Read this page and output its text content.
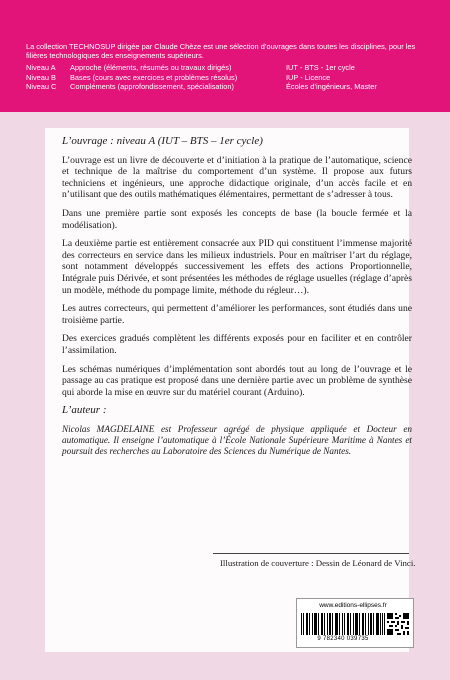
La collection TECHNOSUP dirigée par Claude Chèze est une sélection d’ouvrages dans toutes les disciplines, pour les filières technologiques des enseignements supérieurs.
Niveau A	Approche (éléments, résumés ou travaux dirigés)	IUT - BTS - 1er cycle
Niveau B	Bases (cours avec exercices et problèmes résolus)	IUP - Licence
Niveau C	Compléments (approfondissement, spécialisation)	Écoles d’ingénieurs, Master

L’ouvrage : niveau A (IUT – BTS – 1er cycle)

L’ouvrage est un livre de découverte et d’initiation à la pratique de l’automatique, science et technique de la maîtrise du comportement d’un système. Il propose aux futurs techniciens et ingénieurs, une approche didactique originale, d’un accès facile et en n’utilisant que des outils mathématiques élémentaires, permettant de s’adresser à tous.

Dans une première partie sont exposés les concepts de base (la boucle fermée et la modélisation).

La deuxième partie est entièrement consacrée aux PID qui constituent l’immense majorité des correcteurs en service dans les milieux industriels. Pour en maîtriser l’art du réglage, sont notamment développés successivement les effets des actions Proportionnelle, Intégrale puis Dérivée, et sont présentées les méthodes de réglage usuelles (réglage d’après un modèle, méthode du pompage limite, méthode du régleur…).

Les autres correcteurs, qui permettent d’améliorer les performances, sont étudiés dans une troisième partie.

Des exercices gradués complètent les différents exposés pour en faciliter et en contrôler l’assimilation.

Les schémas numériques d’implémentation sont abordés tout au long de l’ouvrage et le passage au cas pratique est proposé dans une dernière partie avec un problème de synthèse qui aborde la mise en œuvre sur du matériel courant (Arduino).

L’auteur :

Nicolas MAGDELAINE est Professeur agrégé de physique appliquée et Docteur en automatique. Il enseigne l’automatique à l’École Nationale Supérieure Maritime à Nantes et poursuit des recherches au Laboratoire des Sciences du Numérique de Nantes.

Illustration de couverture : Dessin de Léonard de Vinci.
www.editions-ellipses.fr
9 782340 039735
